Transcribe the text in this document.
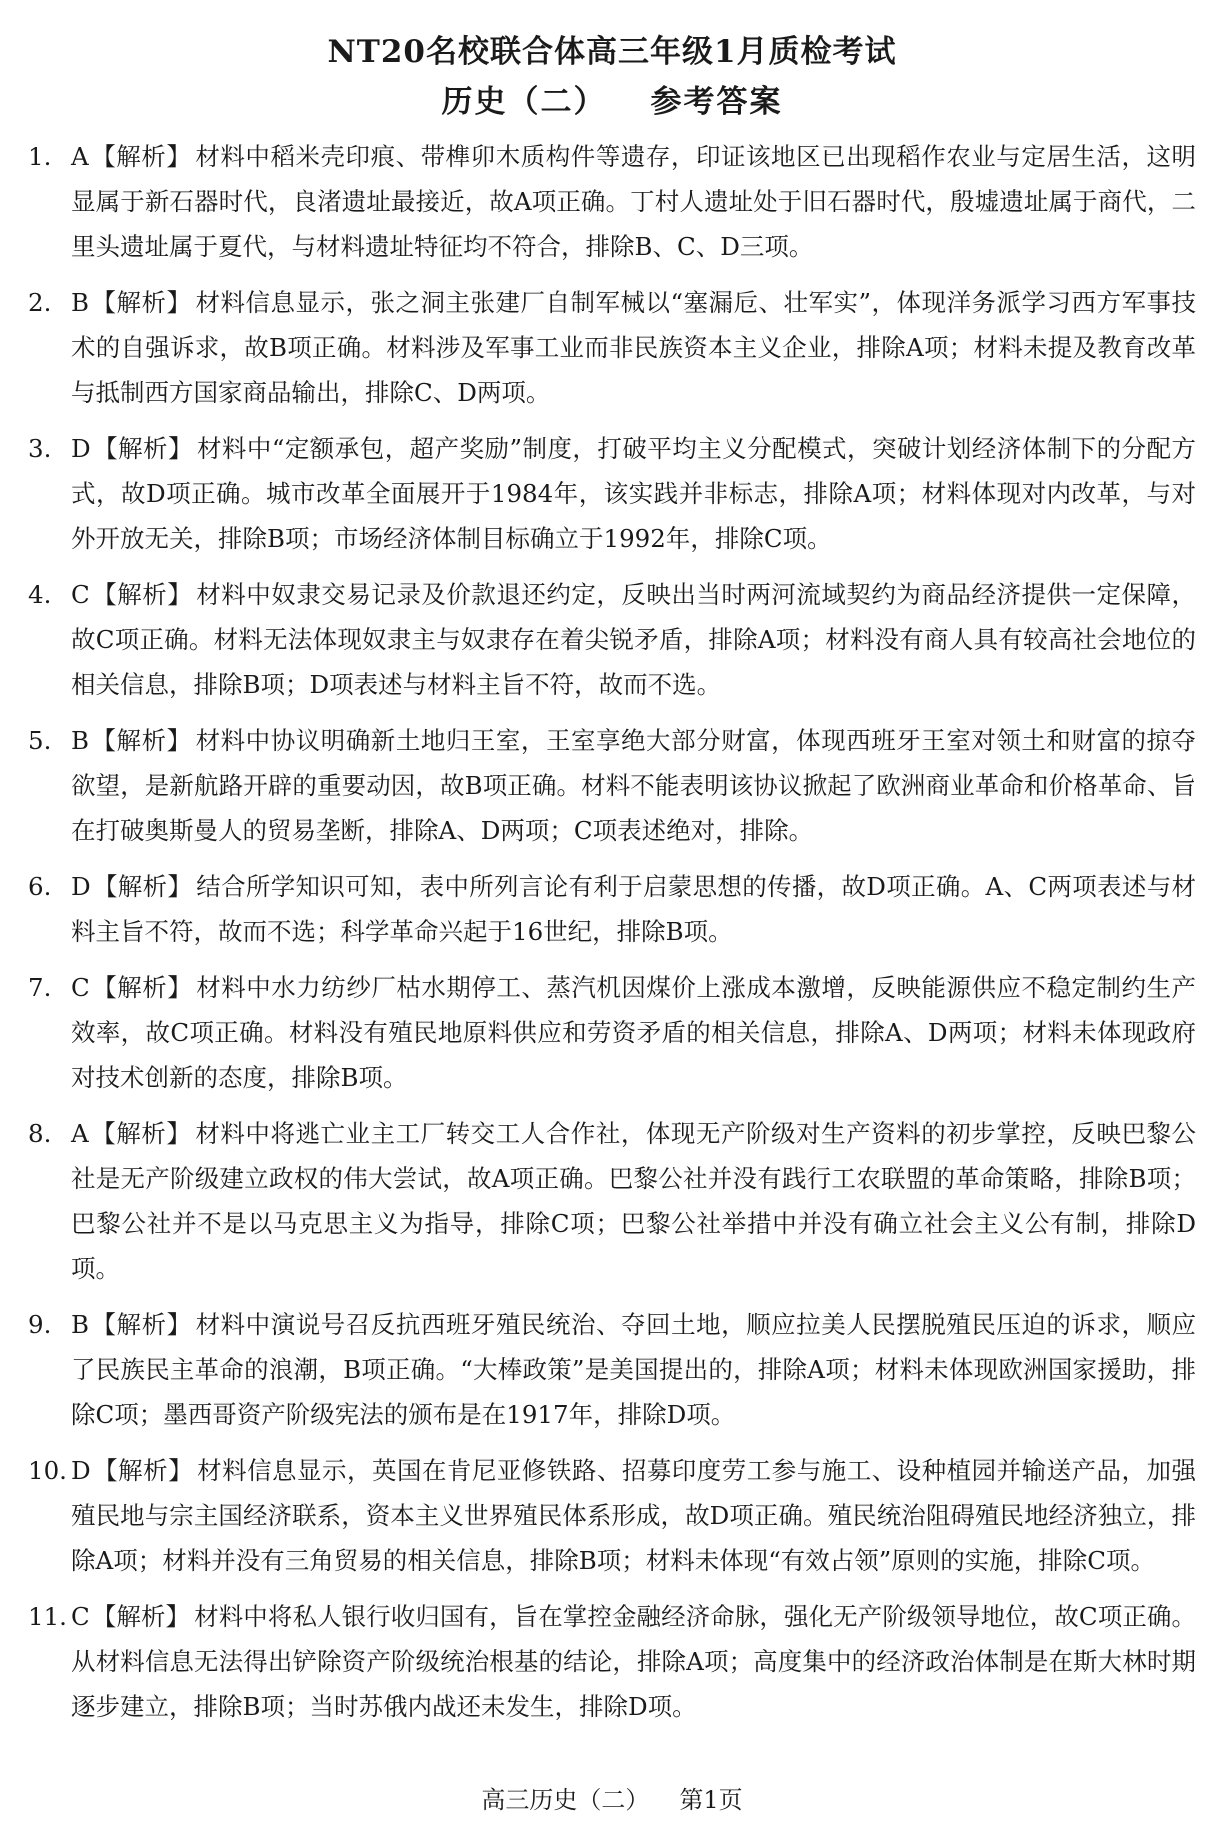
NT20名校联合体高三年级1月质检考试
历史（二） 参考答案
1. A【解析】 材料中稻米壳印痕、带榫卯木质构件等遗存，印证该地区已出现稻作农业与定居生活，这明显属于新石器时代，良渚遗址最接近，故A项正确。丁村人遗址处于旧石器时代，殷墟遗址属于商代，二里头遗址属于夏代，与材料遗址特征均不符合，排除B、C、D三项。
2. B【解析】 材料信息显示，张之洞主张建厂自制军械以“塞漏卮、壮军实”，体现洋务派学习西方军事技术的自强诉求，故B项正确。材料涉及军事工业而非民族资本主义企业，排除A项；材料未提及教育改革与抵制西方国家商品输出，排除C、D两项。
3. D【解析】 材料中“定额承包，超产奖励”制度，打破平均主义分配模式，突破计划经济体制下的分配方式，故D项正确。城市改革全面展开于1984年，该实践并非标志，排除A项；材料体现对内改革，与对外开放无关，排除B项；市场经济体制目标确立于1992年，排除C项。
4. C【解析】 材料中奴隶交易记录及价款退还约定，反映出当时两河流域契约为商品经济提供一定保障，故C项正确。材料无法体现奴隶主与奴隶存在着尖锐矛盾，排除A项；材料没有商人具有较高社会地位的相关信息，排除B项；D项表述与材料主旨不符，故而不选。
5. B【解析】 材料中协议明确新土地归王室，王室享绝大部分财富，体现西班牙王室对领土和财富的掠夺欲望，是新航路开辟的重要动因，故B项正确。材料不能表明该协议掀起了欧洲商业革命和价格革命、旨在打破奥斯曼人的贸易垄断，排除A、D两项；C项表述绝对，排除。
6. D【解析】 结合所学知识可知，表中所列言论有利于启蒙思想的传播，故D项正确。A、C两项表述与材料主旨不符，故而不选；科学革命兴起于16世纪，排除B项。
7. C【解析】 材料中水力纺纱厂枯水期停工、蒸汽机因煤价上涨成本激增，反映能源供应不稳定制约生产效率，故C项正确。材料没有殖民地原料供应和劳资矛盾的相关信息，排除A、D两项；材料未体现政府对技术创新的态度，排除B项。
8. A【解析】 材料中将逃亡业主工厂转交工人合作社，体现无产阶级对生产资料的初步掌控，反映巴黎公社是无产阶级建立政权的伟大尝试，故A项正确。巴黎公社并没有践行工农联盟的革命策略，排除B项；巴黎公社并不是以马克思主义为指导，排除C项；巴黎公社举措中并没有确立社会主义公有制，排除D项。
9. B【解析】 材料中演说号召反抗西班牙殖民统治、夺回土地，顺应拉美人民摆脱殖民压迫的诉求，顺应了民族民主革命的浪潮，B项正确。“大棒政策”是美国提出的，排除A项；材料未体现欧洲国家援助，排除C项；墨西哥资产阶级宪法的颁布是在1917年，排除D项。
10. D【解析】 材料信息显示，英国在肯尼亚修铁路、招募印度劳工参与施工、设种植园并输送产品，加强殖民地与宗主国经济联系，资本主义世界殖民体系形成，故D项正确。殖民统治阻碍殖民地经济独立，排除A项；材料并没有三角贸易的相关信息，排除B项；材料未体现“有效占领”原则的实施，排除C项。
11. C【解析】 材料中将私人银行收归国有，旨在掌控金融经济命脉，强化无产阶级领导地位，故C项正确。从材料信息无法得出铲除资产阶级统治根基的结论，排除A项；高度集中的经济政治体制是在斯大林时期逐步建立，排除B项；当时苏俄内战还未发生，排除D项。
高三历史（二） 第1页
